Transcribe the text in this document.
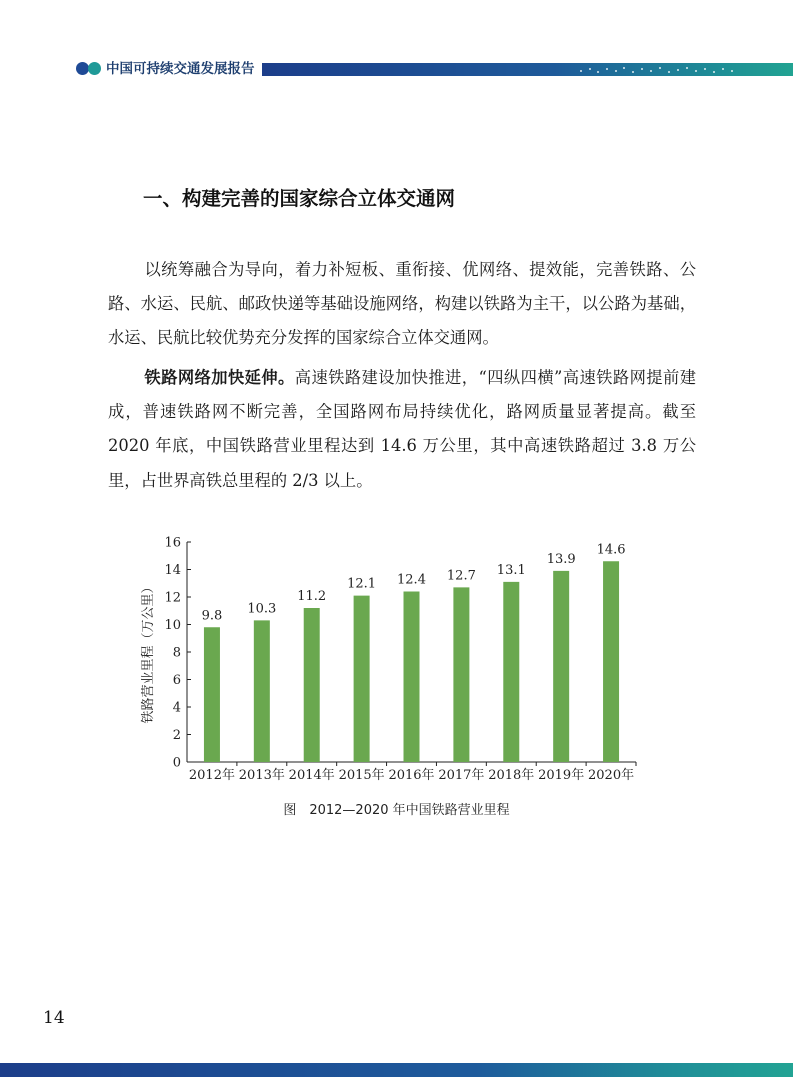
中国可持续交通发展报告
一、构建完善的国家综合立体交通网

以统筹融合为导向，着力补短板、重衔接、优网络、提效能，完善铁路、公路、水运、民航、邮政快递等基础设施网络，构建以铁路为主干，以公路为基础，水运、民航比较优势充分发挥的国家综合立体交通网。

铁路网络加快延伸。高速铁路建设加快推进，“四纵四横”高速铁路网提前建成，普速铁路网不断完善，全国路网布局持续优化，路网质量显著提高。截至 2020 年底，中国铁路营业里程达到 14.6 万公里，其中高速铁路超过 3.8 万公里，占世界高铁总里程的 2/3 以上。

0
2
4
6
8
10
12
14
16
铁路营业里程（万公里）	9.8
2012年
10.3
2013年
11.2
2014年
12.1
2015年
12.4
2016年
12.7
2017年
13.1
2018年
13.9
2019年
14.6
2020年

图　2012—2020 年中国铁路营业里程

14
